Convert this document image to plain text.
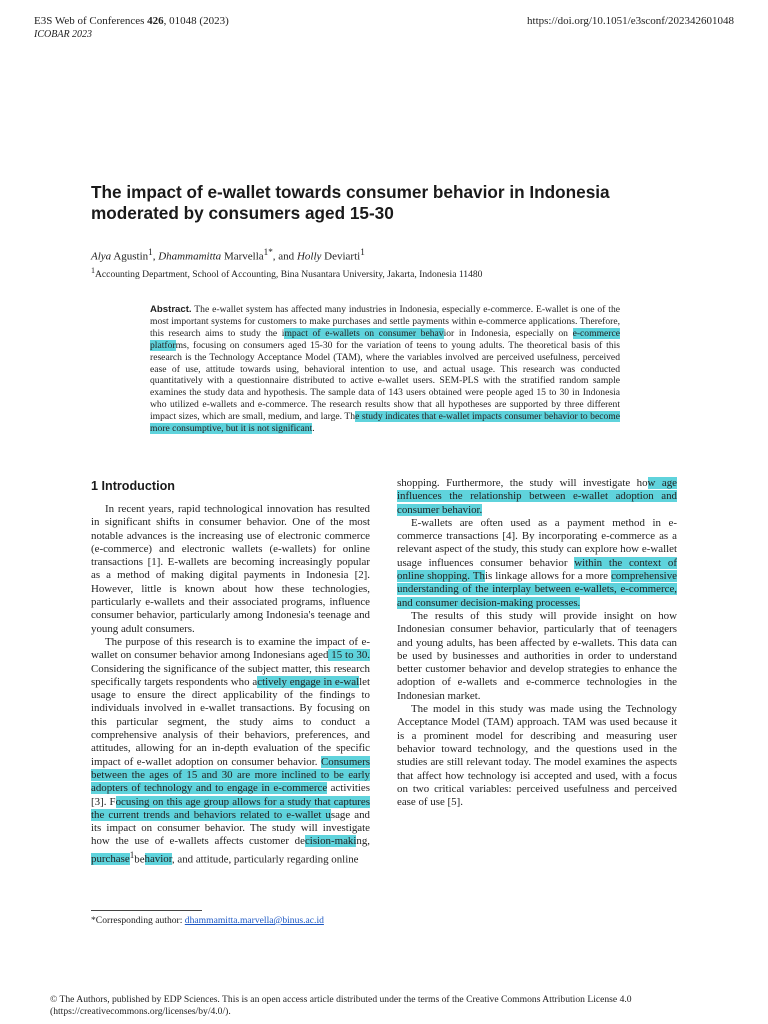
E3S Web of Conferences 426, 01048 (2023)
ICOBAR 2023
https://doi.org/10.1051/e3sconf/202342601048
The impact of e-wallet towards consumer behavior in Indonesia
moderated by consumers aged 15-30
Alya Agustin$^1$, Dhammamitta Marvella$^{1*}$, and Holly Deviarti$^1$
$^1$Accounting Department, School of Accounting, Bina Nusantara University, Jakarta, Indonesia 11480
Abstract. The e-wallet system has affected many industries in Indonesia, especially e-commerce. E-wallet is one of the most important systems for customers to make purchases and settle payments within e-commerce applications. Therefore, this research aims to study the impact of e-wallets on consumer behavior in Indonesia, especially on e-commerce platforms, focusing on consumers aged 15-30 for the variation of teens to young adults. The theoretical basis of this research is the Technology Acceptance Model (TAM), where the variables involved are perceived usefulness, perceived ease of use, attitude towards using, behavioral intention to use, and actual usage. This research was conducted quantitatively with a questionnaire distributed to active e-wallet users. SEM-PLS with the stratified random sample examines the study data and hypothesis. The sample data of 143 users obtained were people aged 15 to 30 in Indonesia who utilized e-wallets and e-commerce. The research results show that all hypotheses are supported by three different impact sizes, which are small, medium, and large. The study indicates that e-wallet impacts consumer behavior to become more consumptive, but it is not significant.
1 Introduction

In recent years, rapid technological innovation has resulted in significant shifts in consumer behavior. One of the most notable advances is the increasing use of electronic commerce (e-commerce) and electronic wallets (e-wallets) for online transactions [1]. E-wallets are becoming increasingly popular as a method of making digital payments in Indonesia [2]. However, little is known about how these technologies, particularly e-wallets and their associated programs, influence consumer behavior, particularly among Indonesia's teenage and young adult consumers.

The purpose of this research is to examine the impact of e-wallet on consumer behavior among Indonesians aged 15 to 30. Considering the significance of the subject matter, this research specifically targets respondents who actively engage in e-wallet usage to ensure the direct applicability of the findings to individuals involved in e-wallet transactions. By focusing on this particular segment, the study aims to conduct a comprehensive analysis of their behaviors, preferences, and attitudes, allowing for an in-depth evaluation of the specific impact of e-wallet adoption on consumer behavior. Consumers between the ages of 15 and 30 are more inclined to be early adopters of technology and to engage in e-commerce activities [3]. Focusing on this age group allows for a study that captures the current trends and behaviors related to e-wallet usage and its impact on consumer behavior. The study will investigate how the use of e-wallets affects customer decision-making, purchase$^1$behavior, and attitude, particularly regarding online

shopping. Furthermore, the study will investigate how age influences the relationship between e-wallet adoption and consumer behavior.

E-wallets are often used as a payment method in e-commerce transactions [4]. By incorporating e-commerce as a relevant aspect of the study, this study can explore how e-wallet usage influences consumer behavior within the context of online shopping. This linkage allows for a more comprehensive understanding of the interplay between e-wallets, e-commerce, and consumer decision-making processes.

The results of this study will provide insight on how Indonesian consumer behavior, particularly that of teenagers and young adults, has been affected by e-wallets. This data can be used by businesses and authorities in order to understand better customer behavior and develop strategies to enhance the adoption of e-wallets and e-commerce technologies in the Indonesian market.

The model in this study was made using the Technology Acceptance Model (TAM) approach. TAM was used because it is a prominent model for describing and measuring user behavior toward technology, and the questions used in the studies are still relevant today. The model examines the aspects that affect how technology isi accepted and used, with a focus on two critical variables: perceived usefulness and perceived ease of use [5].

*Corresponding author: dhammamitta.marvella@binus.ac.id
© The Authors, published by EDP Sciences. This is an open access article distributed under the terms of the Creative Commons Attribution License 4.0
(https://creativecommons.org/licenses/by/4.0/).
